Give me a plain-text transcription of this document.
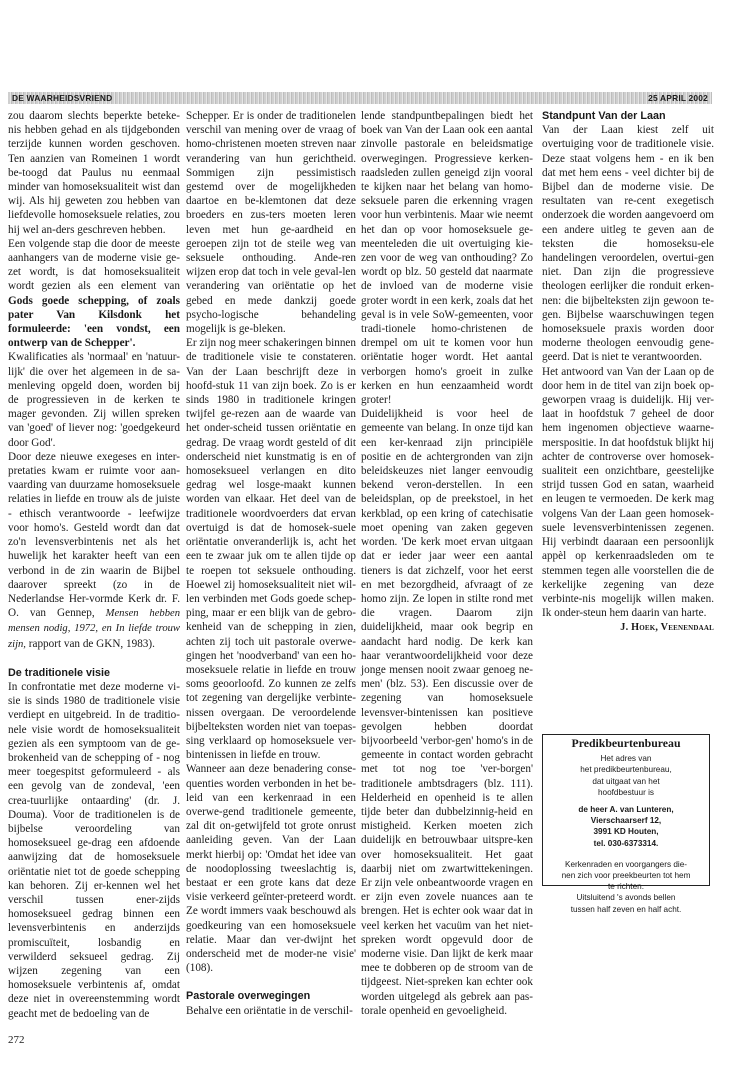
DE WAARHEIDSVRIEND	25 APRIL 2002

zou daarom slechts beperkte beteke-nis hebben gehad en als tijdgebonden terzijde kunnen worden geschoven. Ten aanzien van Romeinen 1 wordt be-toogd dat Paulus nu eenmaal minder van homoseksualiteit wist dan wij. Als hij geweten zou hebben van liefdevolle homoseksuele relaties, zou hij wel an-ders geschreven hebben.

Een volgende stap die door de meeste aanhangers van de moderne visie ge-zet wordt, is dat homoseksualiteit wordt gezien als een element van Gods goede schepping, of zoals pater Van Kilsdonk het formuleerde: 'een vondst, een ontwerp van de Schepper'.

Kwalificaties als 'normaal' en 'natuur-lijk' die over het algemeen in de sa-menleving opgeld doen, worden bij de progressieven in de kerken te mager gevonden. Zij willen spreken van 'goed' of liever nog: 'goedgekeurd door God'.

Door deze nieuwe exegeses en inter-pretaties kwam er ruimte voor aan-vaarding van duurzame homoseksuele relaties in liefde en trouw als de juiste - ethisch verantwoorde - leefwijze voor homo's. Gesteld wordt dan dat zo'n levensverbintenis net als het huwelijk het karakter heeft van een verbond in de zin waarin de Bijbel daarover spreekt (zo in de Nederlandse Her-vormde Kerk dr. F. O. van Gennep, Mensen hebben mensen nodig, 1972, en In liefde trouw zijn, rapport van de GKN, 1983).

De traditionele visie

In confrontatie met deze moderne vi-sie is sinds 1980 de traditionele visie verdiept en uitgebreid. In de traditio-nele visie wordt de homoseksualiteit gezien als een symptoom van de ge-brokenheid van de schepping of - nog meer toegespitst geformuleerd - als een gevolg van de zondeval, 'een crea-tuurlijke ontaarding' (dr. J. Douma). Voor de traditionelen is de bijbelse veroordeling van homoseksueel ge-drag een afdoende aanwijzing dat de homoseksuele oriëntatie niet tot de goede schepping kan behoren. Zij er-kennen wel het verschil tussen ener-zijds homoseksueel gedrag binnen een levensverbintenis en anderzijds promiscuïteit, losbandig en verwilderd seksueel gedrag. Zij wijzen zegening van een homoseksuele verbintenis af, omdat deze niet in overeenstemming wordt geacht met de bedoeling van de

Schepper. Er is onder de traditionelen verschil van mening over de vraag of homo-christenen moeten streven naar verandering van hun gerichtheid. Sommigen zijn pessimistisch gestemd over de mogelijkheden daartoe en be-klemtonen dat deze broeders en zus-ters moeten leren leven met hun ge-aardheid en geroepen zijn tot de steile weg van seksuele onthouding. Ande-ren wijzen erop dat toch in vele geval-len verandering van oriëntatie op het gebed en mede dankzij goede psycho-logische behandeling mogelijk is ge-bleken.

Er zijn nog meer schakeringen binnen de traditionele visie te constateren. Van der Laan beschrijft deze in hoofd-stuk 11 van zijn boek. Zo is er sinds 1980 in traditionele kringen twijfel ge-rezen aan de waarde van het onder-scheid tussen oriëntatie en gedrag. De vraag wordt gesteld of dit onderscheid niet kunstmatig is en of homoseksueel verlangen en dito gedrag wel losge-maakt kunnen worden van elkaar. Het deel van de traditionele woordvoerders dat ervan overtuigd is dat de homosek-suele oriëntatie onveranderlijk is, acht het een te zwaar juk om te allen tijde op te roepen tot seksuele onthouding. Hoewel zij homoseksualiteit niet wil-len verbinden met Gods goede schep-ping, maar er een blijk van de gebro-kenheid van de schepping in zien, achten zij toch uit pastorale overwe-gingen het 'noodverband' van een ho-moseksuele relatie in liefde en trouw soms geoorloofd. Zo kunnen ze zelfs tot zegening van dergelijke verbinte-nissen overgaan. De veroordelende bijbelteksten worden niet van toepas-sing verklaard op homoseksuele ver-bintenissen in liefde en trouw.

Wanneer aan deze benadering conse-quenties worden verbonden in het be-leid van een kerkenraad in een overwe-gend traditionele gemeente, zal dit on-getwijfeld tot grote onrust aanleiding geven. Van der Laan merkt hierbij op: 'Omdat het idee van de noodoplossing tweeslachtig is, bestaat er een grote kans dat deze visie verkeerd geïnter-preteerd wordt. Ze wordt immers vaak beschouwd als goedkeuring van een homoseksuele relatie. Maar dan ver-dwijnt het onderscheid met de moder-ne visie' (108).

Pastorale overwegingen

Behalve een oriëntatie in de verschil-

lende standpuntbepalingen biedt het boek van Van der Laan ook een aantal zinvolle pastorale en beleidsmatige overwegingen. Progressieve kerken-raadsleden zullen geneigd zijn vooral te kijken naar het belang van homo-seksuele paren die erkenning vragen voor hun verbintenis. Maar wie neemt het dan op voor homoseksuele ge-meenteleden die uit overtuiging kie-zen voor de weg van onthouding? Zo wordt op blz. 50 gesteld dat naarmate de invloed van de moderne visie groter wordt in een kerk, zoals dat het geval is in vele SoW-gemeenten, voor tradi-tionele homo-christenen de drempel om uit te komen voor hun oriëntatie hoger wordt. Het aantal verborgen homo's groeit in zulke kerken en hun eenzaamheid wordt groter!

Duidelijkheid is voor heel de gemeente van belang. In onze tijd kan een ker-kenraad zijn principiële positie en de achtergronden van zijn beleidskeuzes niet langer eenvoudig bekend veron-derstellen. In een beleidsplan, op de preekstoel, in het kerkblad, op een kring of catechisatie moet opening van zaken gegeven worden. 'De kerk moet ervan uitgaan dat er ieder jaar weer een aantal tieners is dat zichzelf, voor het eerst en met bezorgdheid, afvraagt of ze homo zijn. Ze lopen in stilte rond met die vragen. Daarom zijn duidelijkheid, maar ook begrip en aandacht hard nodig. De kerk kan haar verantwoordelijkheid voor deze jonge mensen nooit zwaar genoeg ne-men' (blz. 53). Een discussie over de zegening van homoseksuele levensver-bintenissen kan positieve gevolgen hebben doordat bijvoorbeeld 'verbor-gen' homo's in de gemeente in contact worden gebracht met tot nog toe 'ver-borgen' traditionele ambtsdragers (blz. 111). Helderheid en openheid is te allen tijde beter dan dubbelzinnig-heid en mistigheid. Kerken moeten zich duidelijk en betrouwbaar uitspre-ken over homoseksualiteit. Het gaat daarbij niet om zwartwittekeningen. Er zijn vele onbeantwoorde vragen en er zijn even zovele nuances aan te brengen. Het is echter ook waar dat in veel kerken het vacuüm van het niet-spreken wordt opgevuld door de moderne visie. Dan lijkt de kerk maar mee te dobberen op de stroom van de tijdgeest. Niet-spreken kan echter ook worden uitgelegd als gebrek aan pas-torale openheid en gevoeligheid.

Standpunt Van der Laan

Van der Laan kiest zelf uit overtuiging voor de traditionele visie. Deze staat volgens hem - en ik ben dat met hem eens - veel dichter bij de Bijbel dan de moderne visie. De resultaten van re-cent exegetisch onderzoek die worden aangevoerd om een andere uitleg te geven aan de teksten die homoseksu-ele handelingen veroordelen, overtui-gen niet. Dan zijn die progressieve theologen eerlijker die ronduit erken-nen: die bijbelteksten zijn gewoon te-gen. Bijbelse waarschuwingen tegen homoseksuele praxis worden door moderne theologen eenvoudig gene-geerd. Dat is niet te verantwoorden.

Het antwoord van Van der Laan op de door hem in de titel van zijn boek op-geworpen vraag is duidelijk. Hij ver-laat in hoofdstuk 7 geheel de door hem ingenomen objectieve waarne-merspositie. In dat hoofdstuk blijkt hij achter de controverse over homosek-sualiteit een onzichtbare, geestelijke strijd tussen God en satan, waarheid en leugen te vermoeden. De kerk mag volgens Van der Laan geen homosek-suele levensverbintenissen zegenen. Hij verbindt daaraan een persoonlijk appèl op kerkenraadsleden om te stemmen tegen alle voorstellen die de kerkelijke zegening van deze verbinte-nis mogelijk willen maken. Ik onder-steun hem daarin van harte.

J. Hoek, Veenendaal
Predikbeurtenbureau
Het adres van
het predikbeurtenbureau,
dat uitgaat van het
hoofdbestuur is
de heer A. van Lunteren,
Vierschaarserf 12,
3991 KD Houten,
tel. 030-6373314.
Kerkenraden en voorgangers die-
nen zich voor preekbeurten tot hem
te richten.
Uitsluitend 's avonds bellen
tussen half zeven en half acht.
272
